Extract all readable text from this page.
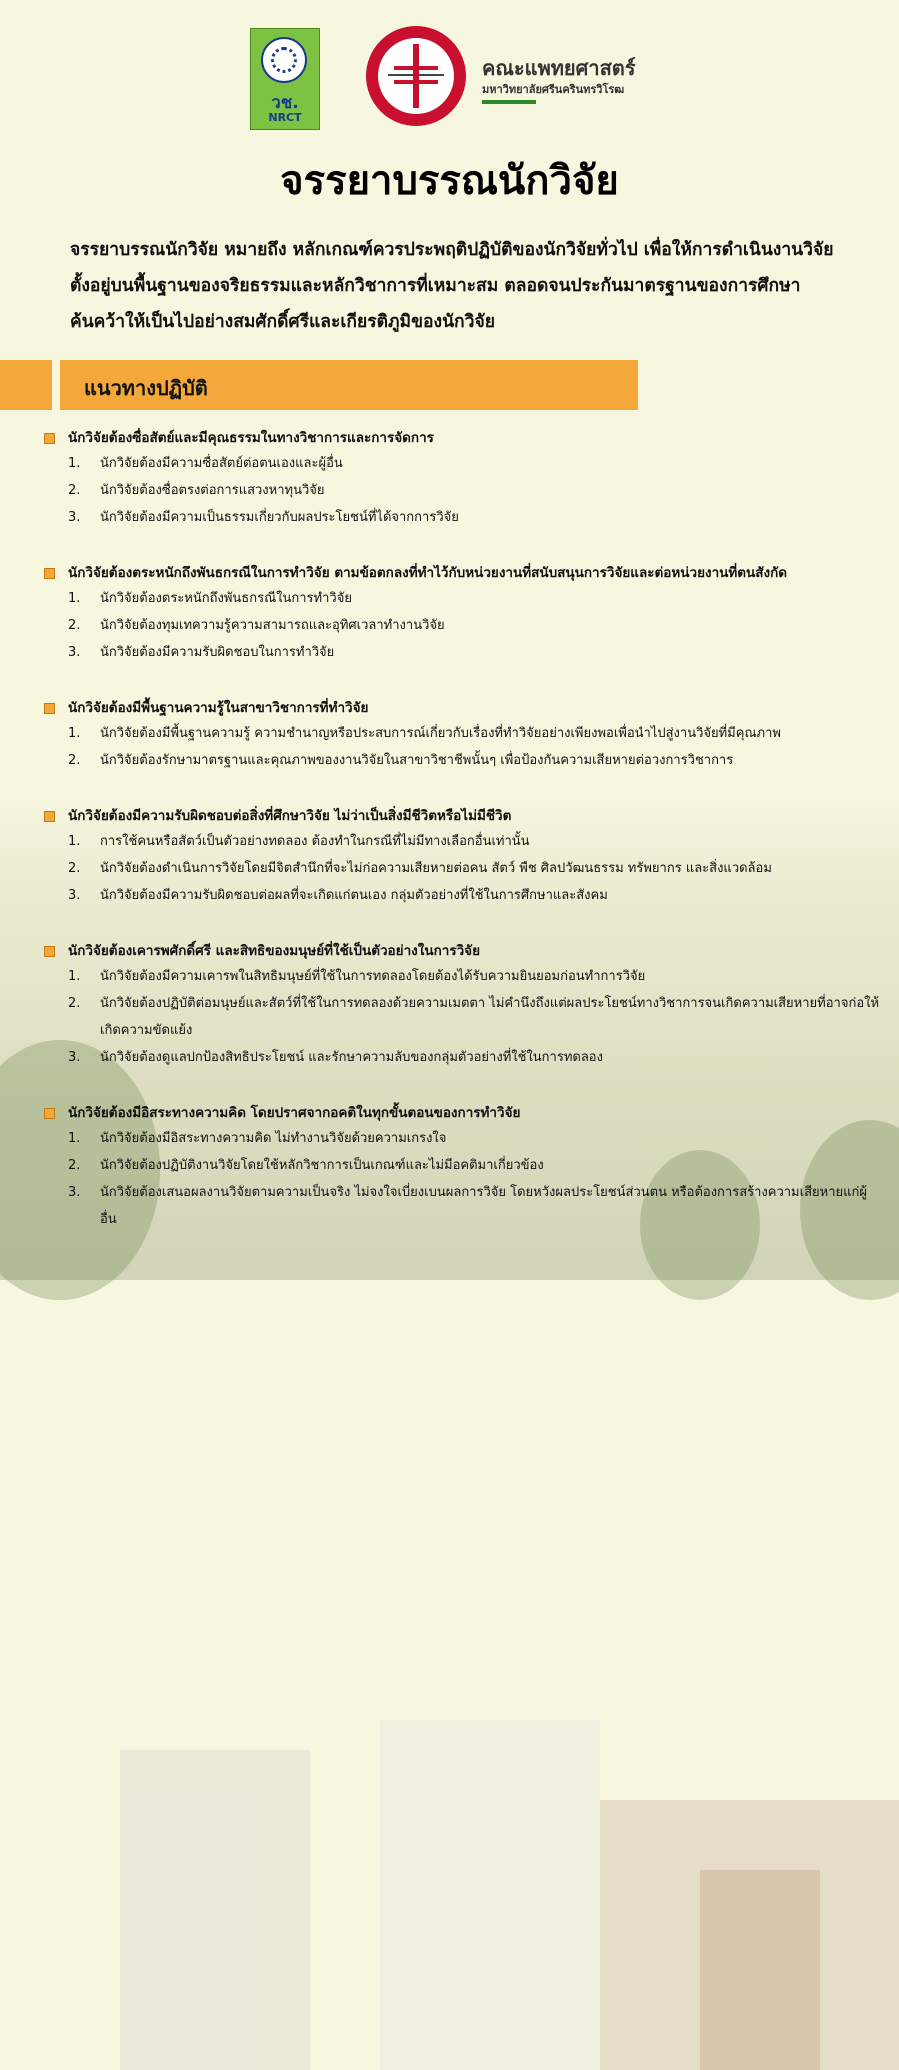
วช.
NRCT
คณะแพทยศาสตร์
มหาวิทยาลัยศรีนครินทรวิโรฒ
จรรยาบรรณนักวิจัย
จรรยาบรรณนักวิจัย หมายถึง หลักเกณฑ์ควรประพฤติปฏิบัติของนักวิจัยทั่วไป เพื่อให้การดำเนินงานวิจัยตั้งอยู่บนพื้นฐานของจริยธรรมและหลักวิชาการที่เหมาะสม ตลอดจนประกันมาตรฐานของการศึกษาค้นคว้าให้เป็นไปอย่างสมศักดิ์ศรีและเกียรติภูมิของนักวิจัย
แนวทางปฏิบัติ
นักวิจัยต้องซื่อสัตย์และมีคุณธรรมในทางวิชาการและการจัดการ
1. นักวิจัยต้องมีความซื่อสัตย์ต่อตนเองและผู้อื่น
2. นักวิจัยต้องซื่อตรงต่อการแสวงหาทุนวิจัย
3. นักวิจัยต้องมีความเป็นธรรมเกี่ยวกับผลประโยชน์ที่ได้จากการวิจัย
นักวิจัยต้องตระหนักถึงพันธกรณีในการทำวิจัย ตามข้อตกลงที่ทำไว้กับหน่วยงานที่สนับสนุนการวิจัยและต่อหน่วยงานที่ตนสังกัด
1. นักวิจัยต้องตระหนักถึงพันธกรณีในการทำวิจัย
2. นักวิจัยต้องทุมเทความรู้ความสามารถและอุทิศเวลาทำงานวิจัย
3. นักวิจัยต้องมีความรับผิดชอบในการทำวิจัย
นักวิจัยต้องมีพื้นฐานความรู้ในสาขาวิชาการที่ทำวิจัย
1. นักวิจัยต้องมีพื้นฐานความรู้ ความชำนาญหรือประสบการณ์เกี่ยวกับเรื่องที่ทำวิจัยอย่างเพียงพอเพื่อนำไปสู่งานวิจัยที่มีคุณภาพ
2. นักวิจัยต้องรักษามาตรฐานและคุณภาพของงานวิจัยในสาขาวิชาชีพนั้นๆ เพื่อป้องกันความเสียหายต่อวงการวิชาการ
นักวิจัยต้องมีความรับผิดชอบต่อสิ่งที่ศึกษาวิจัย ไม่ว่าเป็นสิ่งมีชีวิตหรือไม่มีชีวิต
1. การใช้คนหรือสัตว์เป็นตัวอย่างทดลอง ต้องทำในกรณีที่ไม่มีทางเลือกอื่นเท่านั้น
2. นักวิจัยต้องดำเนินการวิจัยโดยมีจิตสำนึกที่จะไม่ก่อความเสียหายต่อคน สัตว์ พืช ศิลปวัฒนธรรม ทรัพยากร และสิ่งแวดล้อม
3. นักวิจัยต้องมีความรับผิดชอบต่อผลที่จะเกิดแก่ตนเอง กลุ่มตัวอย่างที่ใช้ในการศึกษาและสังคม
นักวิจัยต้องเคารพศักดิ์ศรี และสิทธิของมนุษย์ที่ใช้เป็นตัวอย่างในการวิจัย
1. นักวิจัยต้องมีความเคารพในสิทธิมนุษย์ที่ใช้ในการทดลองโดยต้องได้รับความยินยอมก่อนทำการวิจัย
2. นักวิจัยต้องปฏิบัติต่อมนุษย์และสัตว์ที่ใช้ในการทดลองด้วยความเมตตา ไม่คำนึงถึงแต่ผลประโยชน์ทางวิชาการจนเกิดความเสียหายที่อาจก่อให้เกิดความขัดแย้ง
3. นักวิจัยต้องดูแลปกป้องสิทธิประโยชน์ และรักษาความลับของกลุ่มตัวอย่างที่ใช้ในการทดลอง
นักวิจัยต้องมีอิสระทางความคิด โดยปราศจากอคติในทุกขั้นตอนของการทำวิจัย
1. นักวิจัยต้องมีอิสระทางความคิด ไม่ทำงานวิจัยด้วยความเกรงใจ
2. นักวิจัยต้องปฏิบัติงานวิจัยโดยใช้หลักวิชาการเป็นเกณฑ์และไม่มีอคติมาเกี่ยวข้อง
3. นักวิจัยต้องเสนอผลงานวิจัยตามความเป็นจริง ไม่จงใจเบี่ยงเบนผลการวิจัย โดยหวังผลประโยชน์ส่วนตน หรือต้องการสร้างความเสียหายแก่ผู้อื่น
